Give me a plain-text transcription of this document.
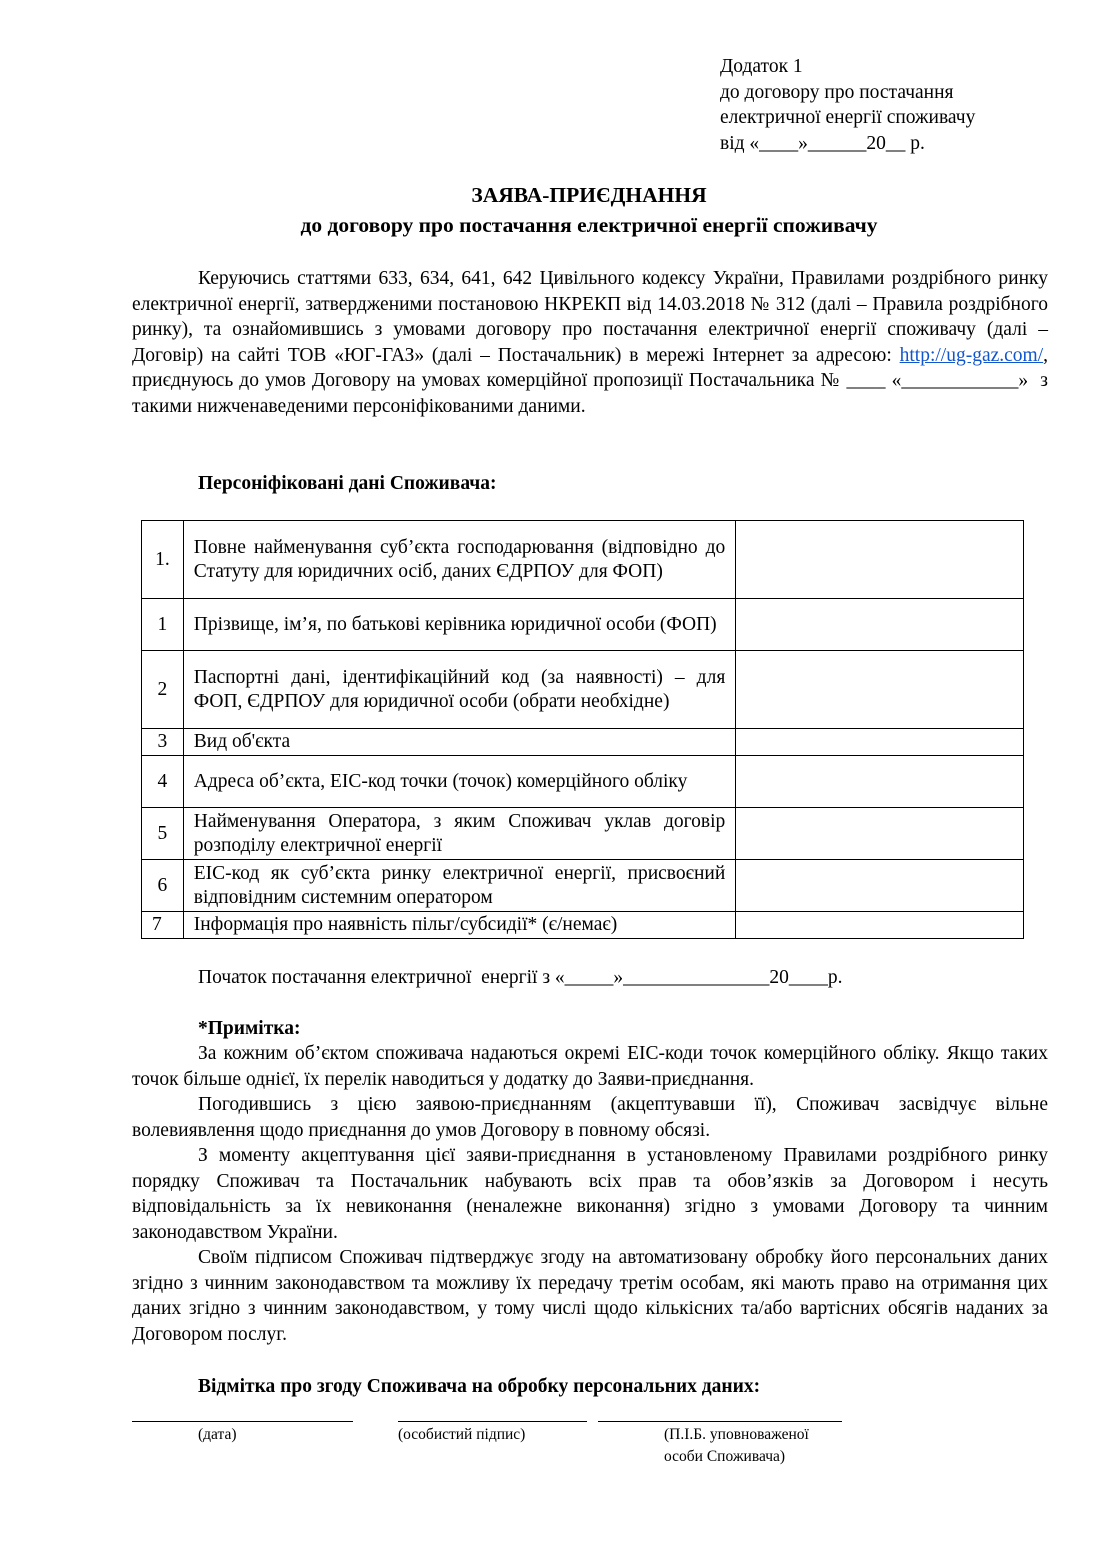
Додаток 1
до договору про постачання
електричної енергії споживачу
від «____»______20__ р.
ЗАЯВА-ПРИЄДНАННЯ
до договору про постачання електричної енергії споживачу
Керуючись статтями 633, 634, 641, 642 Цивільного кодексу України, Правилами роздрібного ринку електричної енергії, затвердженими постановою НКРЕКП від 14.03.2018 № 312 (далі – Правила роздрібного ринку), та ознайомившись з умовами договору про постачання електричної енергії споживачу (далі – Договір) на сайті ТОВ «ЮГ-ГАЗ» (далі – Постачальник) в мережі Інтернет за адресою: http://ug-gaz.com/, приєднуюсь до умов Договору на умовах комерційної пропозиції Постачальника № ____ «____________»  з такими нижченаведеними персоніфікованими даними.
Персоніфіковані дані Споживача:
1.	Повне найменування суб’єкта господарювання (відповідно до Статуту для юридичних осіб, даних ЄДРПОУ для ФОП)	
1	Прізвище, ім’я, по батькові керівника юридичної особи (ФОП)	
2	Паспортні дані, ідентифікаційний код (за наявності) – для ФОП, ЄДРПОУ для юридичної особи (обрати необхідне)	
3	Вид об'єкта	
4	Адреса об’єкта, ЕІС-код точки (точок) комерційного обліку	
5	Найменування Оператора, з яким Споживач уклав договір розподілу електричної енергії	
6	ЕІС-код як суб’єкта ринку електричної енергії, присвоєний відповідним системним оператором	
7	Інформація про наявність пільг/субсидії* (є/немає)	
Початок постачання електричної  енергії з «_____»_______________20____р.
*Примітка:

За кожним об’єктом споживача надаються окремі ЕІС-коди точок комерційного обліку. Якщо таких точок більше однієї, їх перелік наводиться у додатку до Заяви-приєднання.

Погодившись з цією заявою-приєднанням (акцептувавши її), Споживач засвідчує вільне волевиявлення щодо приєднання до умов Договору в повному обсязі.

З моменту акцептування цієї заяви-приєднання в установленому Правилами роздрібного ринку порядку Споживач та Постачальник набувають всіх прав та обов’язків за Договором і несуть відповідальність за їх невиконання (неналежне виконання) згідно з умовами Договору та чинним законодавством України.

Своїм підписом Споживач підтверджує згоду на автоматизовану обробку його персональних даних згідно з чинним законодавством та можливу їх передачу третім особам, які мають право на отримання цих даних згідно з чинним законодавством, у тому числі щодо кількісних та/або вартісних обсягів наданих за Договором послуг.

Відмітка про згоду Споживача на обробку персональних даних:
(дата)	(особистий підпис)	(П.І.Б. уповноваженої
особи Споживача)
